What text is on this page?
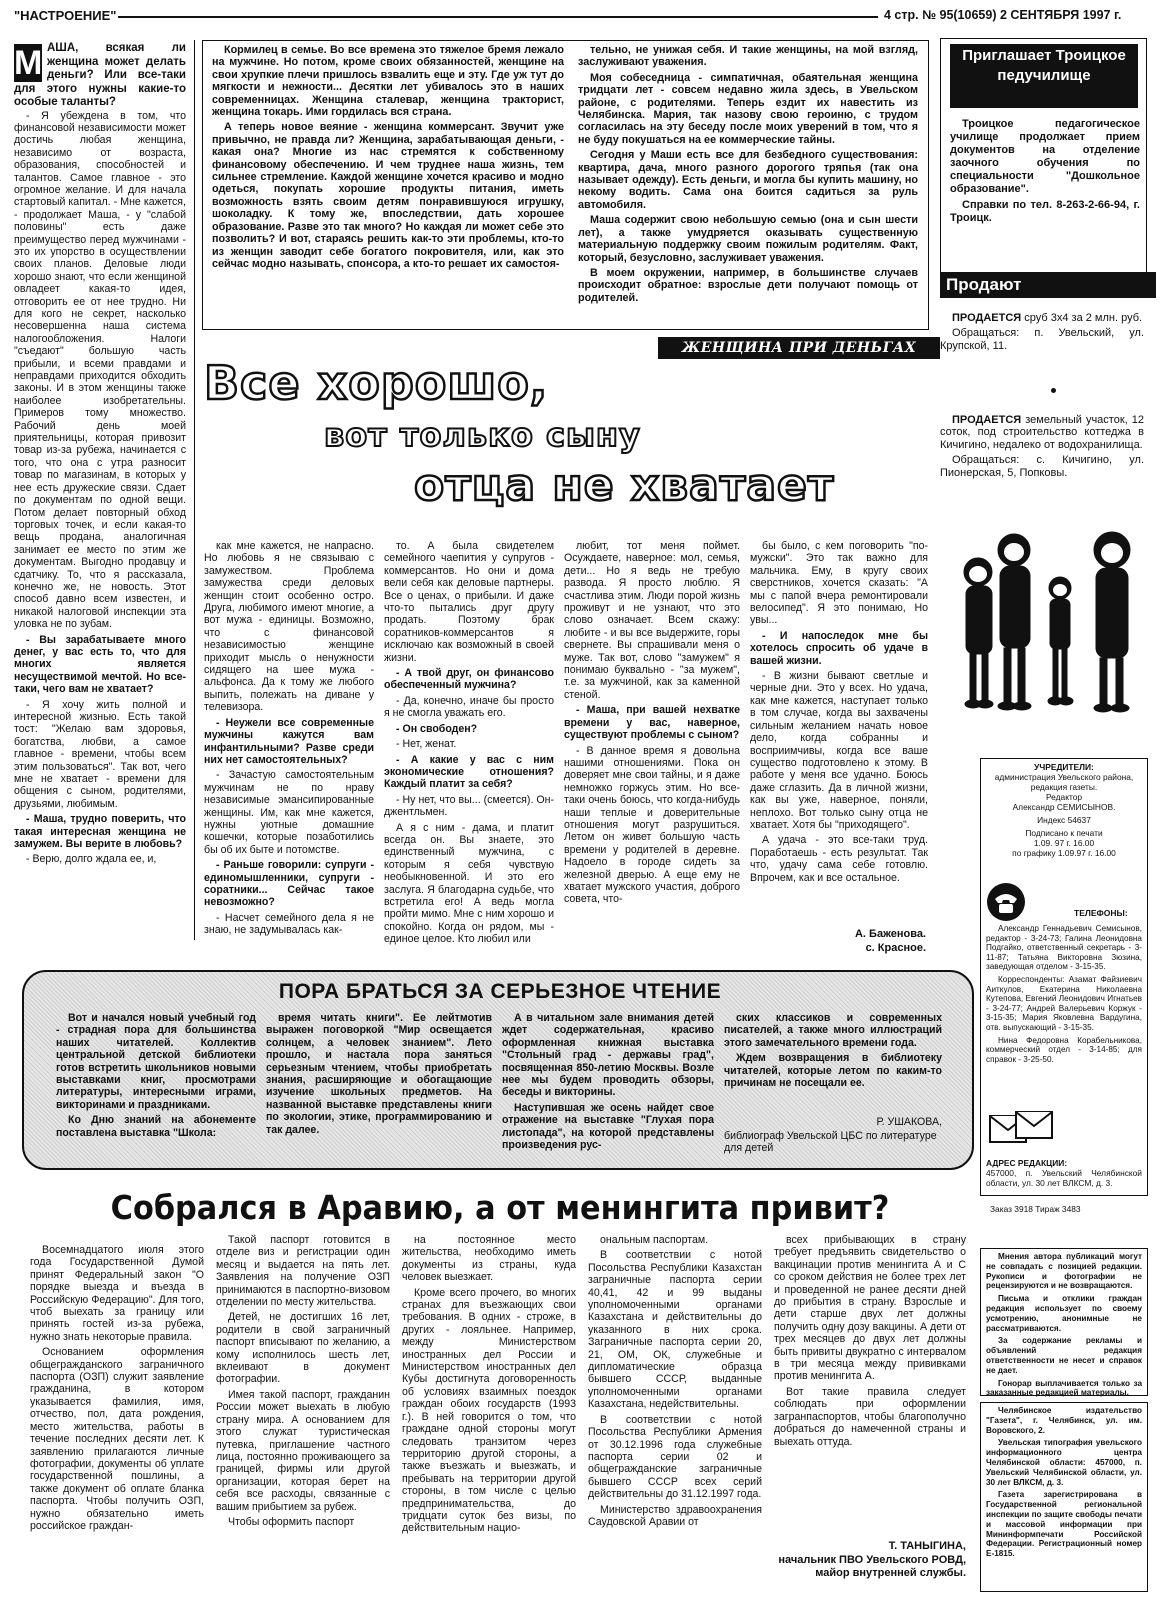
"НАСТРОЕНИЕ"	4 стр. № 95(10659) 2 СЕНТЯБРЯ 1997 г.
М АША, всякая ли женщина может делать деньги? Или все-таки для этого нужны какие-то особые таланты?

- Я убеждена в том, что финансовой независимости может достичь любая женщина, независимо от возраста, образования, способностей и талантов. Самое главное - это огромное желание. И для начала стартовый капитал. - Мне кажется, - продолжает Маша, - у "слабой половины" есть даже преимущество перед мужчинами - это их упорство в осуществлении своих планов. Деловые люди хорошо знают, что если женщиной овладеет какая-то идея, отговорить ее от нее трудно. Ни для кого не секрет, насколько несовершенна наша система налогообложения. Налоги "съедают" большую часть прибыли, и всеми правдами и неправдами приходится обходить законы. И в этом женщины также наиболее изобретательны. Примеров тому множество. Рабочий день моей приятельницы, которая привозит товар из-за рубежа, начинается с того, что она с утра разносит товар по магазинам, в которых у нее есть дружеские связи. Сдает по документам по одной вещи. Потом делает повторный обход торговых точек, и если какая-то вещь продана, аналогичная занимает ее место по этим же документам. Выгодно продавцу и сдатчику. То, что я рассказала, конечно же, не новость. Этот способ давно всем известен, и никакой налоговой инспекции эта уловка не по зубам.

- Вы зарабатываете много денег, у вас есть то, что для многих является несуществимой мечтой. Но все-таки, чего вам не хватает?

- Я хочу жить полной и интересной жизнью. Есть такой тост: "Желаю вам здоровья, богатства, любви, а самое главное - времени, чтобы всем этим пользоваться". Так вот, чего мне не хватает - времени для общения с сыном, родителями, друзьями, любимым.

- Маша, трудно поверить, что такая интересная женщина не замужем. Вы верите в любовь?

- Верю, долго ждала ее, и,

Кормилец в семье. Во все времена это тяжелое бремя лежало на мужчине. Но потом, кроме своих обязанностей, женщине на свои хрупкие плечи пришлось взвалить еще и эту. Где уж тут до мягкости и нежности... Десятки лет убивалось это в наших современницах. Женщина сталевар, женщина тракторист, женщина токарь. Ими гордилась вся страна.

А теперь новое веяние - женщина коммерсант. Звучит уже привычно, не правда ли? Женщина, зарабатывающая деньги, - какая она? Многие из нас стремятся к собственному финансовому обеспечению. И чем труднее наша жизнь, тем сильнее стремление. Каждой женщине хочется красиво и модно одеться, покупать хорошие продукты питания, иметь возможность взять своим детям понравившуюся игрушку, шоколадку. К тому же, впоследствии, дать хорошее образование. Разве это так много? Но каждая ли может себе это позволить? И вот, стараясь решить как-то эти проблемы, кто-то из женщин заводит себе богатого покровителя, или, как это сейчас модно называть, спонсора, а кто-то решает их самостоя-

тельно, не унижая себя. И такие женщины, на мой взгляд, заслуживают уважения.

Моя собеседница - симпатичная, обаятельная женщина тридцати лет - совсем недавно жила здесь, в Увельском районе, с родителями. Теперь ездит их навестить из Челябинска. Мария, так назову свою героиню, с трудом согласилась на эту беседу после моих уверений в том, что я не буду покушаться на ее коммерческие тайны.

Сегодня у Маши есть все для безбедного существования: квартира, дача, много разного дорогого тряпья (так она называет одежду). Есть деньги, и могла бы купить машину, но некому водить. Сама она боится садиться за руль автомобиля.

Маша содержит свою небольшую семью (она и сын шести лет), а также умудряется оказывать существенную материальную поддержку своим пожилым родителям. Факт, который, безусловно, заслуживает уважения.

В моем окружении, например, в большинстве случаев происходит обратное: взрослые дети получают помощь от родителей.

ЖЕНЩИНА ПРИ ДЕНЬГАХ
Все хорошо,
вот только сыну
отца не хватает

как мне кажется, не напрасно. Но любовь я не связываю с замужеством. Проблема замужества среди деловых женщин стоит особенно остро. Друга, любимого имеют многие, а вот мужа - единицы. Возможно, что с финансовой независимостью женщине приходит мысль о ненужности сидящего на шее мужа - альфонса. Да к тому же любого выпить, полежать на диване у телевизора.

- Неужели все современные мужчины кажутся вам инфантильными? Разве среди них нет самостоятельных?

- Зачастую самостоятельным мужчинам не по нраву независимые эмансипированные женщины. Им, как мне кажется, нужны уютные домашние кошечки, которые позаботились бы об их быте и потомстве.

- Раньше говорили: супруги - единомышленники, супруги - соратники... Сейчас такое невозможно?

- Насчет семейного дела я не знаю, не задумывалась как-

то. А была свидетелем семейного чаепития у супругов - коммерсантов. Но они и дома вели себя как деловые партнеры. Все о ценах, о прибыли. И даже что-то пытались друг другу продать. Поэтому брак соратников-коммерсантов я исключаю как возможный в своей жизни.

- А твой друг, он финансово обеспеченный мужчина?

- Да, конечно, иначе бы просто я не смогла уважать его.

- Он свободен?

- Нет, женат.

- А какие у вас с ним экономические отношения? Каждый платит за себя?

- Ну нет, что вы... (смеется). Он-джентльмен.

А я с ним - дама, и платит всегда он. Вы знаете, это единственный мужчина, с которым я себя чувствую необыкновенной. И это его заслуга. Я благодарна судьбе, что встретила его! А ведь могла пройти мимо. Мне с ним хорошо и спокойно. Когда он рядом, мы - единое целое. Кто любил или

любит, тот меня поймет. Осуждаете, наверное: мол, семья, дети... Но я ведь не требую развода. Я просто люблю. Я счастлива этим. Люди порой жизнь проживут и не узнают, что это слово означает. Всем скажу: любите - и вы все выдержите, горы свернете. Вы спрашивали меня о муже. Так вот, слово "замужем" я понимаю буквально - "за мужем", т.е. за мужчиной, как за каменной стеной.

- Маша, при вашей нехватке времени у вас, наверное, существуют проблемы с сыном?

- В данное время я довольна нашими отношениями. Пока он доверяет мне свои тайны, и я даже немножко горжусь этим. Но все-таки очень боюсь, что когда-нибудь наши теплые и доверительные отношения могут разрушиться. Летом он живет большую часть времени у родителей в деревне. Надоело в городе сидеть за железной дверью. А еще ему не хватает мужского участия, доброго совета, что-

бы было, с кем поговорить "по-мужски". Это так важно для мальчика. Ему, в кругу своих сверстников, хочется сказать: "А мы с папой вчера ремонтировали велосипед". Я это понимаю, Но увы...

- И напоследок мне бы хотелось спросить об удаче в вашей жизни.

- В жизни бывают светлые и черные дни. Это у всех. Но удача, как мне кажется, наступает только в том случае, когда вы захвачены сильным желанием начать новое дело, когда собранны и восприимчивы, когда все ваше существо подготовлено к этому. В работе у меня все удачно. Боюсь даже сглазить. Да в личной жизни, как вы уже, наверное, поняли, неплохо. Вот только сыну отца не хватает. Хотя бы "приходящего".

А удача - это все-таки труд. Поработаешь - есть результат. Так что, удачу сама себе готовлю. Впрочем, как и все остальное.

А. Баженова.
с. Красное.
Приглашает Троицкое педучилище

Троицкое педагогическое училище продолжает прием документов на отделение заочного обучения по специальности "Дошкольное образование".

Справки по тел. 8-263-2-66-94, г. Троицк.

Продают

ПРОДАЕТСЯ сруб 3х4 за 2 млн. руб.

Обращаться: п. Увельский, ул. Крупской, 11.

ПРОДАЕТСЯ земельный участок, 12 соток, под строительство коттеджа в Кичигино, недалеко от водохранилища.

Обращаться: с. Кичигино, ул. Пионерская, 5, Попковы.

УЧРЕДИТЕЛИ:
администрация Увельского района, редакция газеты.
Редактор
Александр СЕМИСЫНОВ.
Индекс 54637
Подписано к печати
1.09. 97 г. 16.00
по графику 1.09.97 г. 16.00
ТЕЛЕФОНЫ:

Александр Геннадьевич Семисынов, редактор - 3-24-73; Галина Леонидовна Подгайко, ответственный секретарь - 3-11-87; Татьяна Викторовна Зюзина, заведующая отделом - 3-15-35.

Корреспонденты: Азамат Файзиевич Аиткулов, Екатерина Николаевна Кутепова, Евгений Леонидович Игнатьев - 3-24-77; Андрей Валерьевич Коржук - 3-15-35; Мария Яковлевна Вардугина, отв. выпускающий - 3-15-35.

Нина Федоровна Корабельникова, коммерческий отдел - 3-14-85; для справок - 3-25-50.

АДРЕС РЕДАКЦИИ:
457000, п. Увельский Челябинской области, ул. 30 лет ВЛКСМ, д. 3.
Заказ 3918 Тираж 3483

Мнения автора публикаций могут не совпадать с позицией редакции. Рукописи и фотографии не рецензируются и не возвращаются.

Письма и отклики граждан редакция использует по своему усмотрению, анонимные не рассматриваются.

За содержание рекламы и объявлений редакция ответственности не несет и справок не дает.

Гонорар выплачивается только за заказанные редакцией материалы.

Челябинское издательство "Газета", г. Челябинск, ул. им. Воровского, 2.

Увельская типография увельского информационного центра Челябинской области: 457000, п. Увельский Челябинской области, ул. 30 лет ВЛКСМ, д. 3.

Газета зарегистрирована в Государственной региональной инспекции по защите свободы печати и массовой информации при Мининформпечати Российской Федерации. Регистрационный номер Е-1815.

ПОРА БРАТЬСЯ ЗА СЕРЬЕЗНОЕ ЧТЕНИЕ

Вот и начался новый учебный год - страдная пора для большинства наших читателей. Коллектив центральной детской библиотеки готов встретить школьников новыми выставками книг, просмотрами литературы, интересными играми, викторинами и праздниками.

Ко Дню знаний на абонементе поставлена выставка "Школа:

время читать книги". Ее лейтмотив выражен поговоркой "Мир освещается солнцем, а человек знанием". Лето прошло, и настала пора заняться серьезным чтением, чтобы приобретать знания, расширяющие и обогащающие изучение школьных предметов. На названной выставке представлены книги по экологии, этике, программированию и так далее.

А в читальном зале внимания детей ждет содержательная, красиво оформленная книжная выставка "Стольный град - державы град", посвященная 850-летию Москвы. Возле нее мы будем проводить обзоры, беседы и викторины.

Наступившая же осень найдет свое отражение на выставке "Глухая пора листопада", на которой представлены произведения рус-

ских классиков и современных писателей, а также много иллюстраций этого замечательного времени года.

Ждем возвращения в библиотеку читателей, которые летом по каким-то причинам не посещали ее.

Р. УШАКОВА,
библиограф Увельской ЦБС по литературе для детей
Собрался в Аравию, а от менингита привит?

Восемнадцатого июля этого года Государственной Думой принят Федеральный закон "О порядке выезда и въезда в Российскую Федерацию". Для того, чтоб выехать за границу или принять гостей из-за рубежа, нужно знать некоторые правила.

Основанием оформления общегражданского заграничного паспорта (ОЗП) служит заявление гражданина, в котором указывается фамилия, имя, отчество, пол, дата рождения, место жительства, работы в течение последних десяти лет. К заявлению прилагаются личные фотографии, документы об уплате государственной пошлины, а также документ об оплате бланка паспорта. Чтобы получить ОЗП, нужно обязательно иметь российское граждан-

Такой паспорт готовится в отделе виз и регистрации один месяц и выдается на пять лет. Заявления на получение ОЗП принимаются в паспортно-визовом отделении по месту жительства.

Детей, не достигших 16 лет, родители в свой заграничный паспорт вписывают по желанию, а кому исполнилось шесть лет, вклеивают в документ фотографии.

Имея такой паспорт, гражданин России может выехать в любую страну мира. А основанием для этого служат туристическая путевка, приглашение частного лица, постоянно проживающего за границей, фирмы или другой организации, которая берет на себя все расходы, связанные с вашим прибытием за рубеж.

Чтобы оформить паспорт

на постоянное место жительства, необходимо иметь документы из страны, куда человек выезжает.

Кроме всего прочего, во многих странах для въезжающих свои требования. В одних - строже, в других - лояльнее. Например, между Министерством иностранных дел России и Министерством иностранных дел Кубы достигнута договоренность об условиях взаимных поездок граждан обоих государств (1993 г.). В ней говорится о том, что граждане одной стороны могут следовать транзитом через территорию другой стороны, а также въезжать и выезжать, и пребывать на территории другой стороны, в том числе с целью предпринимательства, до тридцати суток без визы, по действительным нацио-

ональным паспортам.

В соответствии с нотой Посольства Республики Казахстан заграничные паспорта серии 40,41, 42 и 99 выданы уполномоченными органами Казахстана и действительны до указанного в них срока. Заграничные паспорта серии 20, 21, ОМ, ОК, служебные и дипломатические образца бывшего СССР, выданные уполномоченными органами Казахстана, недействительны.

В соответствии с нотой Посольства Республики Армения от 30.12.1996 года служебные паспорта серии 02 и общегражданские заграничные бывшего СССР всех серий действительны до 31.12.1997 года.

Министерство здравоохранения Саудовской Аравии от

всех прибывающих в страну требует предъявить свидетельство о вакцинации против менингита А и С со сроком действия не более трех лет и проведенной не ранее десяти дней до прибытия в страну. Взрослые и дети старше двух лет должны получить одну дозу вакцины. А дети от трех месяцев до двух лет должны быть привиты двукратно с интервалом в три месяца между прививками против менингита А.

Вот такие правила следует соблюдать при оформлении загранпаспортов, чтобы благополучно добраться до намеченной страны и выехать оттуда.

Т. ТАНЫГИНА,
начальник ПВО Увельского РОВД, майор внутренней службы.
